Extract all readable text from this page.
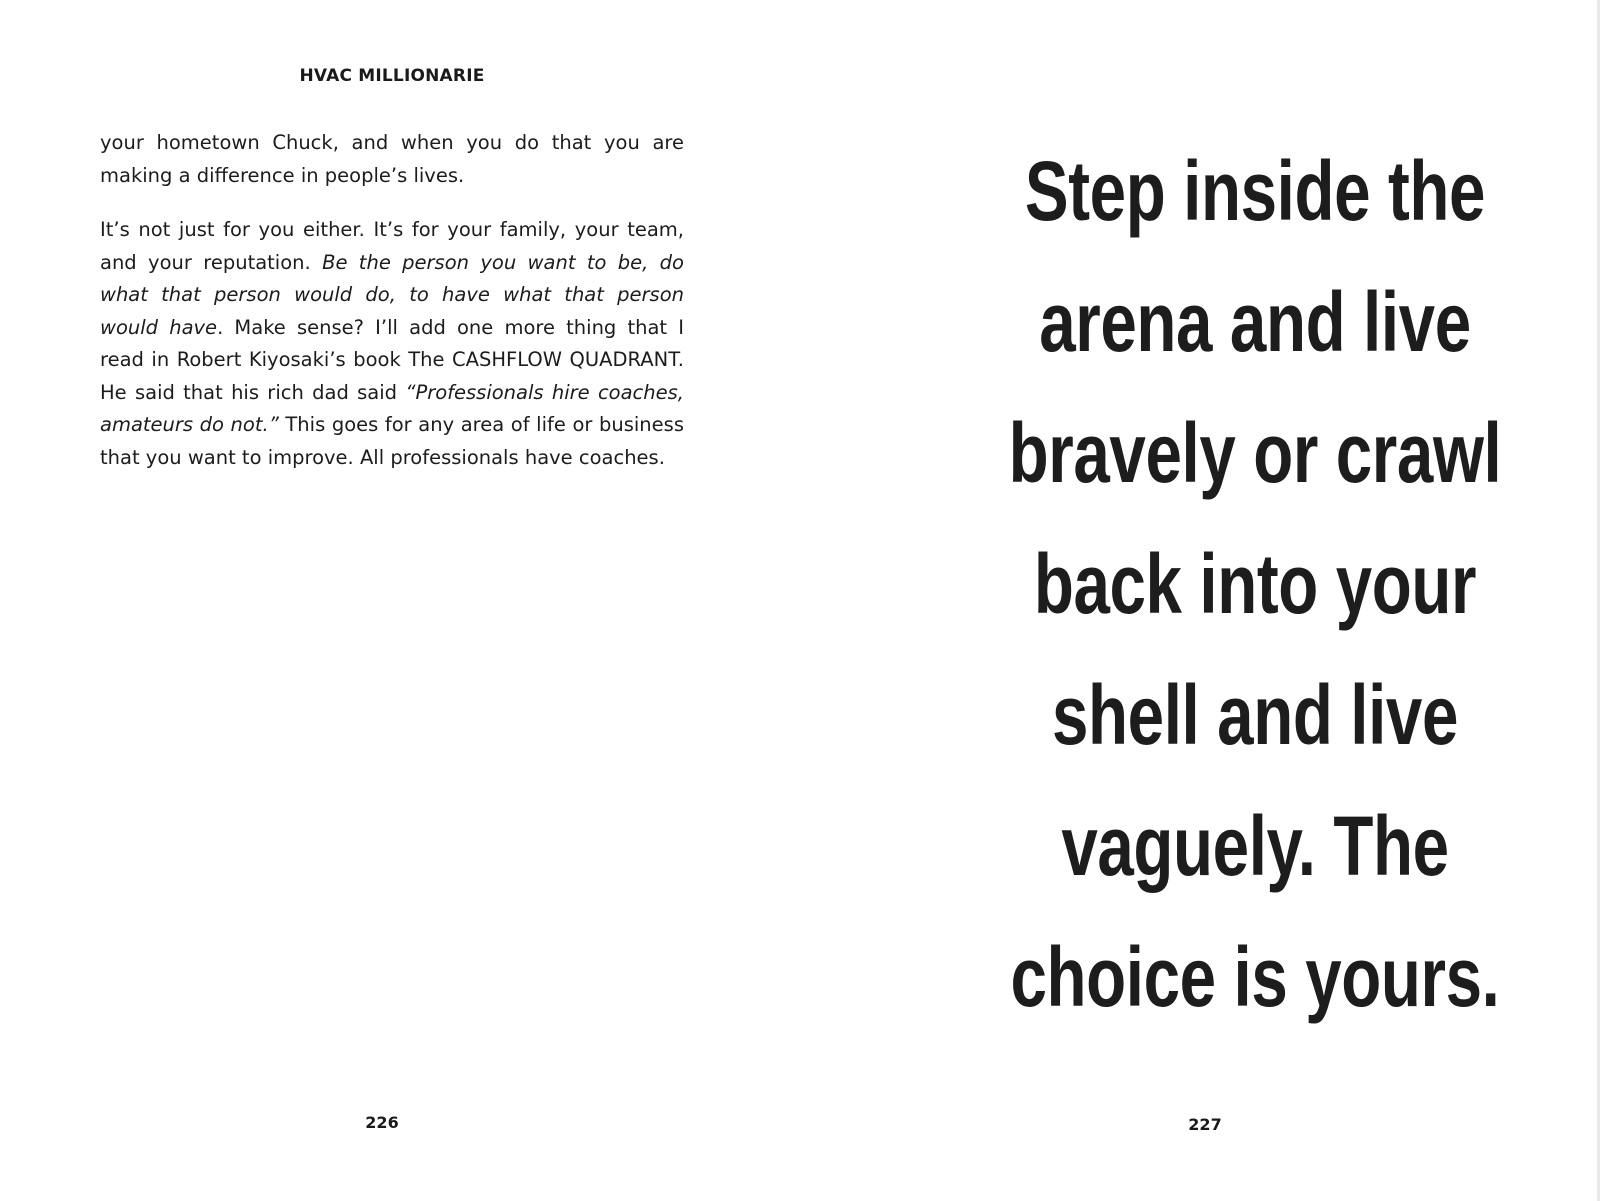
HVAC MILLIONARIE

your hometown Chuck, and when you do that you are making a difference in people’s lives.

It’s not just for you either. It’s for your family, your team, and your reputation. Be the person you want to be, do what that person would do, to have what that person would have. Make sense? I’ll add one more thing that I read in Robert Kiyosaki’s book The CASHFLOW QUADRANT. He said that his rich dad said “Professionals hire coaches, amateurs do not.” This goes for any area of life or business that you want to improve. All professionals have coaches.

226	227
Step inside the
arena and live
bravely or crawl
back into your
shell and live
vaguely. The
choice is yours.
